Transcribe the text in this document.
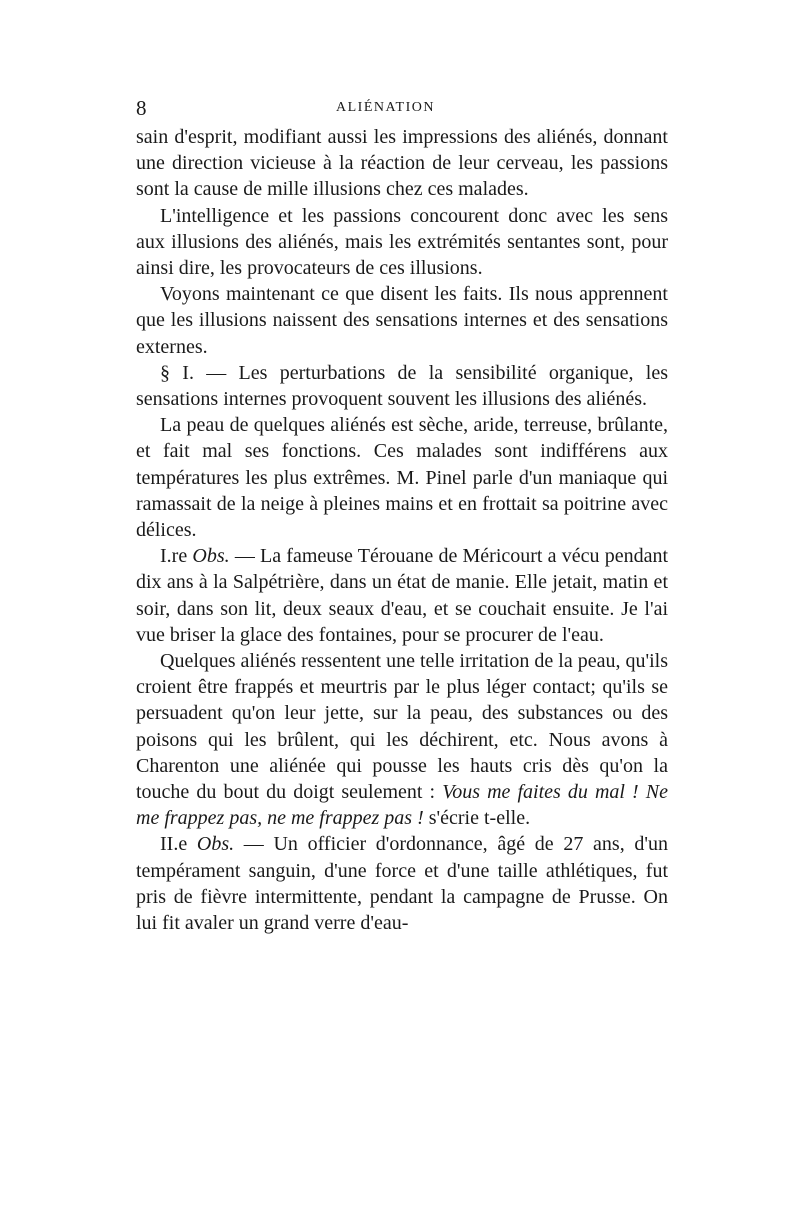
8	ALIÉNATION

sain d'esprit, modifiant aussi les impressions des aliénés, donnant une direction vicieuse à la réaction de leur cerveau, les passions sont la cause de mille illusions chez ces malades.

L'intelligence et les passions concourent donc avec les sens aux illusions des aliénés, mais les extrémités sentantes sont, pour ainsi dire, les provocateurs de ces illusions.

Voyons maintenant ce que disent les faits. Ils nous apprennent que les illusions naissent des sensations internes et des sensations externes.

§ I. — Les perturbations de la sensibilité organique, les sensations internes provoquent souvent les illusions des aliénés.

La peau de quelques aliénés est sèche, aride, terreuse, brûlante, et fait mal ses fonctions. Ces malades sont indifférens aux températures les plus extrêmes. M. Pinel parle d'un maniaque qui ramassait de la neige à pleines mains et en frottait sa poitrine avec délices.

I.re Obs. — La fameuse Térouane de Méricourt a vécu pendant dix ans à la Salpétrière, dans un état de manie. Elle jetait, matin et soir, dans son lit, deux seaux d'eau, et se couchait ensuite. Je l'ai vue briser la glace des fontaines, pour se procurer de l'eau.

Quelques aliénés ressentent une telle irritation de la peau, qu'ils croient être frappés et meurtris par le plus léger contact; qu'ils se persuadent qu'on leur jette, sur la peau, des substances ou des poisons qui les brûlent, qui les déchirent, etc. Nous avons à Charenton une aliénée qui pousse les hauts cris dès qu'on la touche du bout du doigt seulement : Vous me faites du mal ! Ne me frappez pas, ne me frappez pas ! s'écrie t-elle.

II.e Obs. — Un officier d'ordonnance, âgé de 27 ans, d'un tempérament sanguin, d'une force et d'une taille athlétiques, fut pris de fièvre intermittente, pendant la campagne de Prusse. On lui fit avaler un grand verre d'eau-
